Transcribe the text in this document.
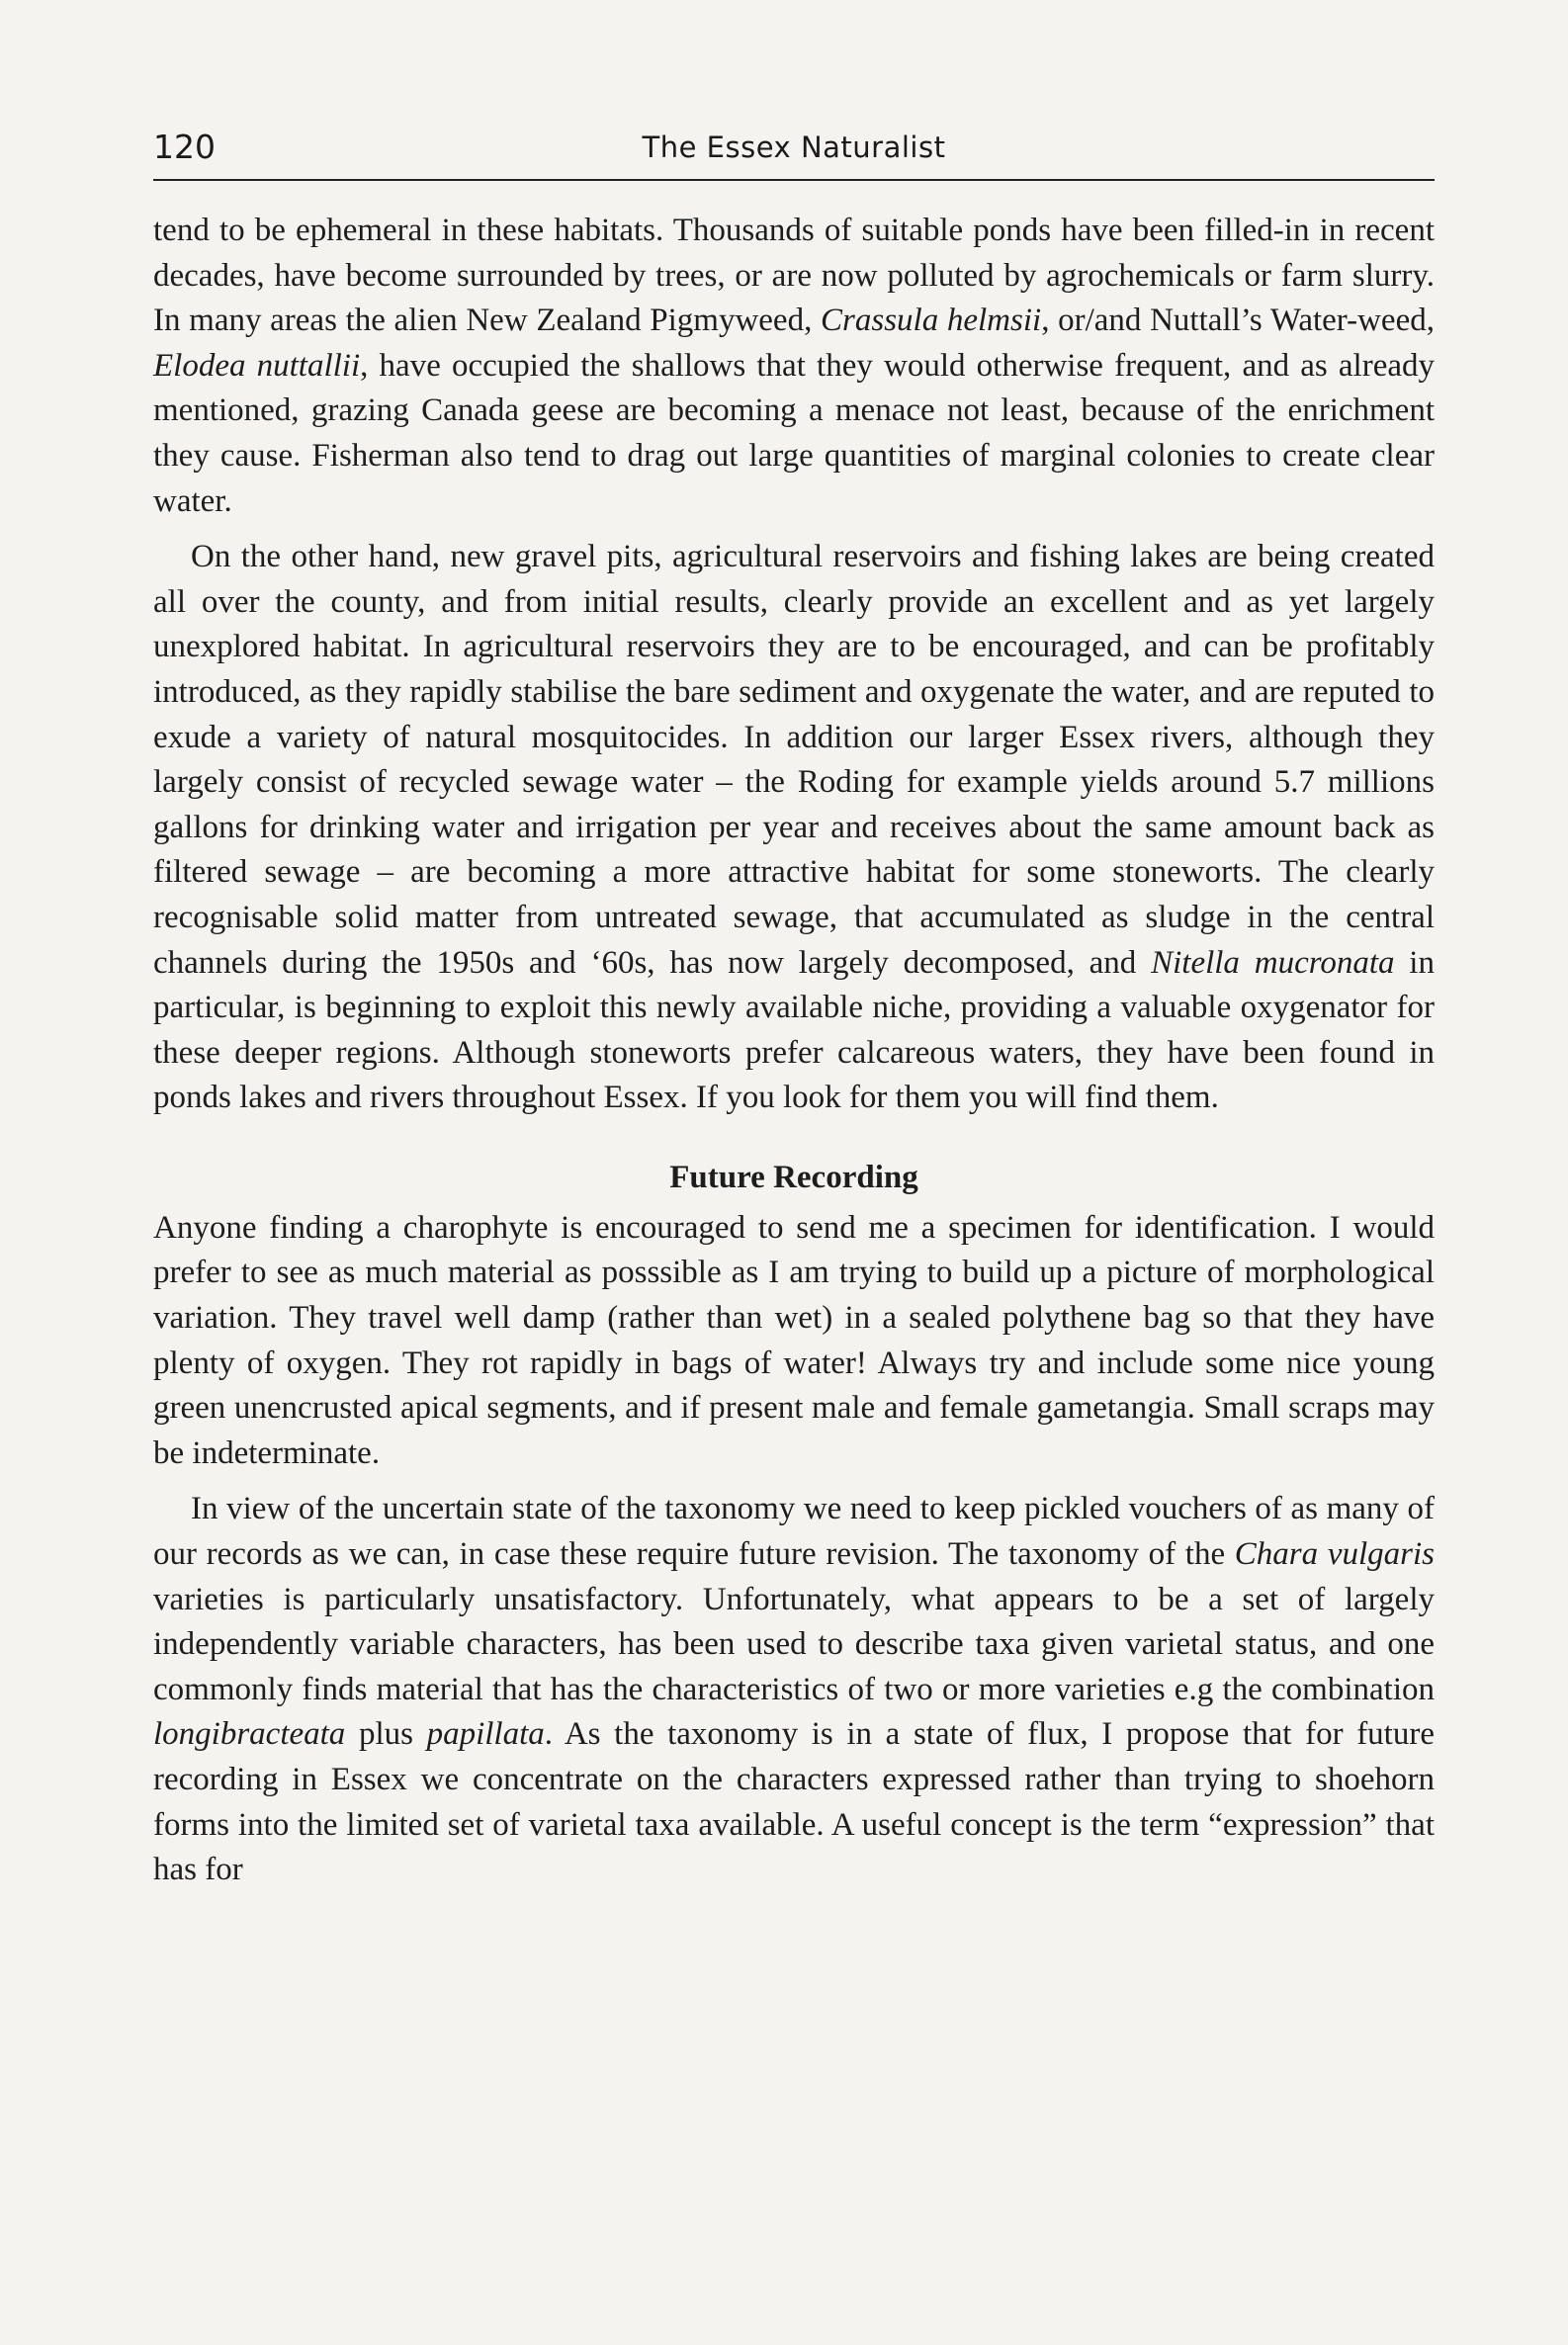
The Essex Naturalist
120

tend to be ephemeral in these habitats. Thousands of suitable ponds have been filled-in in recent decades, have become surrounded by trees, or are now polluted by agrochemicals or farm slurry. In many areas the alien New Zealand Pigmyweed, Crassula helmsii, or/and Nuttall’s Water-weed, Elodea nuttallii, have occupied the shallows that they would otherwise frequent, and as already mentioned, grazing Canada geese are becoming a menace not least, because of the enrichment they cause. Fisherman also tend to drag out large quantities of marginal colonies to create clear water.

On the other hand, new gravel pits, agricultural reservoirs and fishing lakes are being created all over the county, and from initial results, clearly provide an excellent and as yet largely unexplored habitat. In agricultural reservoirs they are to be encouraged, and can be profitably introduced, as they rapidly stabilise the bare sediment and oxygenate the water, and are reputed to exude a variety of natural mosquitocides. In addition our larger Essex rivers, although they largely consist of recycled sewage water – the Roding for example yields around 5.7 millions gallons for drinking water and irrigation per year and receives about the same amount back as filtered sewage – are becoming a more attractive habitat for some stoneworts. The clearly recognisable solid matter from untreated sewage, that accumulated as sludge in the central channels during the 1950s and ‘60s, has now largely decomposed, and Nitella mucronata in particular, is beginning to exploit this newly available niche, providing a valuable oxygenator for these deeper regions. Although stoneworts prefer calcareous waters, they have been found in ponds lakes and rivers throughout Essex. If you look for them you will find them.

Future Recording

Anyone finding a charophyte is encouraged to send me a specimen for identification. I would prefer to see as much material as posssible as I am trying to build up a picture of morphological variation. They travel well damp (rather than wet) in a sealed polythene bag so that they have plenty of oxygen. They rot rapidly in bags of water! Always try and include some nice young green unencrusted apical segments, and if present male and female gametangia. Small scraps may be indeterminate.

In view of the uncertain state of the taxonomy we need to keep pickled vouchers of as many of our records as we can, in case these require future revision. The taxonomy of the Chara vulgaris varieties is particularly unsatisfactory. Unfortunately, what appears to be a set of largely independently variable characters, has been used to describe taxa given varietal status, and one commonly finds material that has the characteristics of two or more varieties e.g the combination longibracteata plus papillata. As the taxonomy is in a state of flux, I propose that for future recording in Essex we concentrate on the characters expressed rather than trying to shoehorn forms into the limited set of varietal taxa available. A useful concept is the term “expression” that has for
